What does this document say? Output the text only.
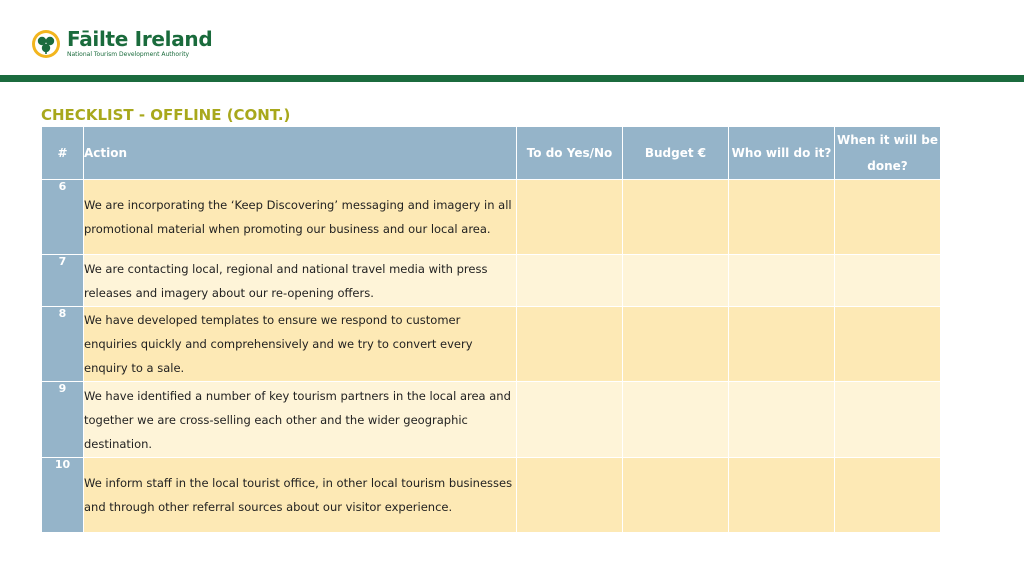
Fāilte Ireland
National Tourism Development Authority
CHECKLIST - OFFLINE (CONT.)
#	Action	To do Yes/No	Budget €	Who will do it?	When it will be done?
6	We are incorporating the ‘Keep Discovering’ messaging and imagery in all promotional material when promoting our business and our local area.				
7	We are contacting local, regional and national travel media with press releases and imagery about our re-opening offers.				
8	We have developed templates to ensure we respond to customer enquiries quickly and comprehensively and we try to convert every enquiry to a sale.				
9	We have identified a number of key tourism partners in the local area and together we are cross-selling each other and the wider geographic destination.				
10	We inform staff in the local tourist office, in other local tourism businesses and through other referral sources about our visitor experience.				
